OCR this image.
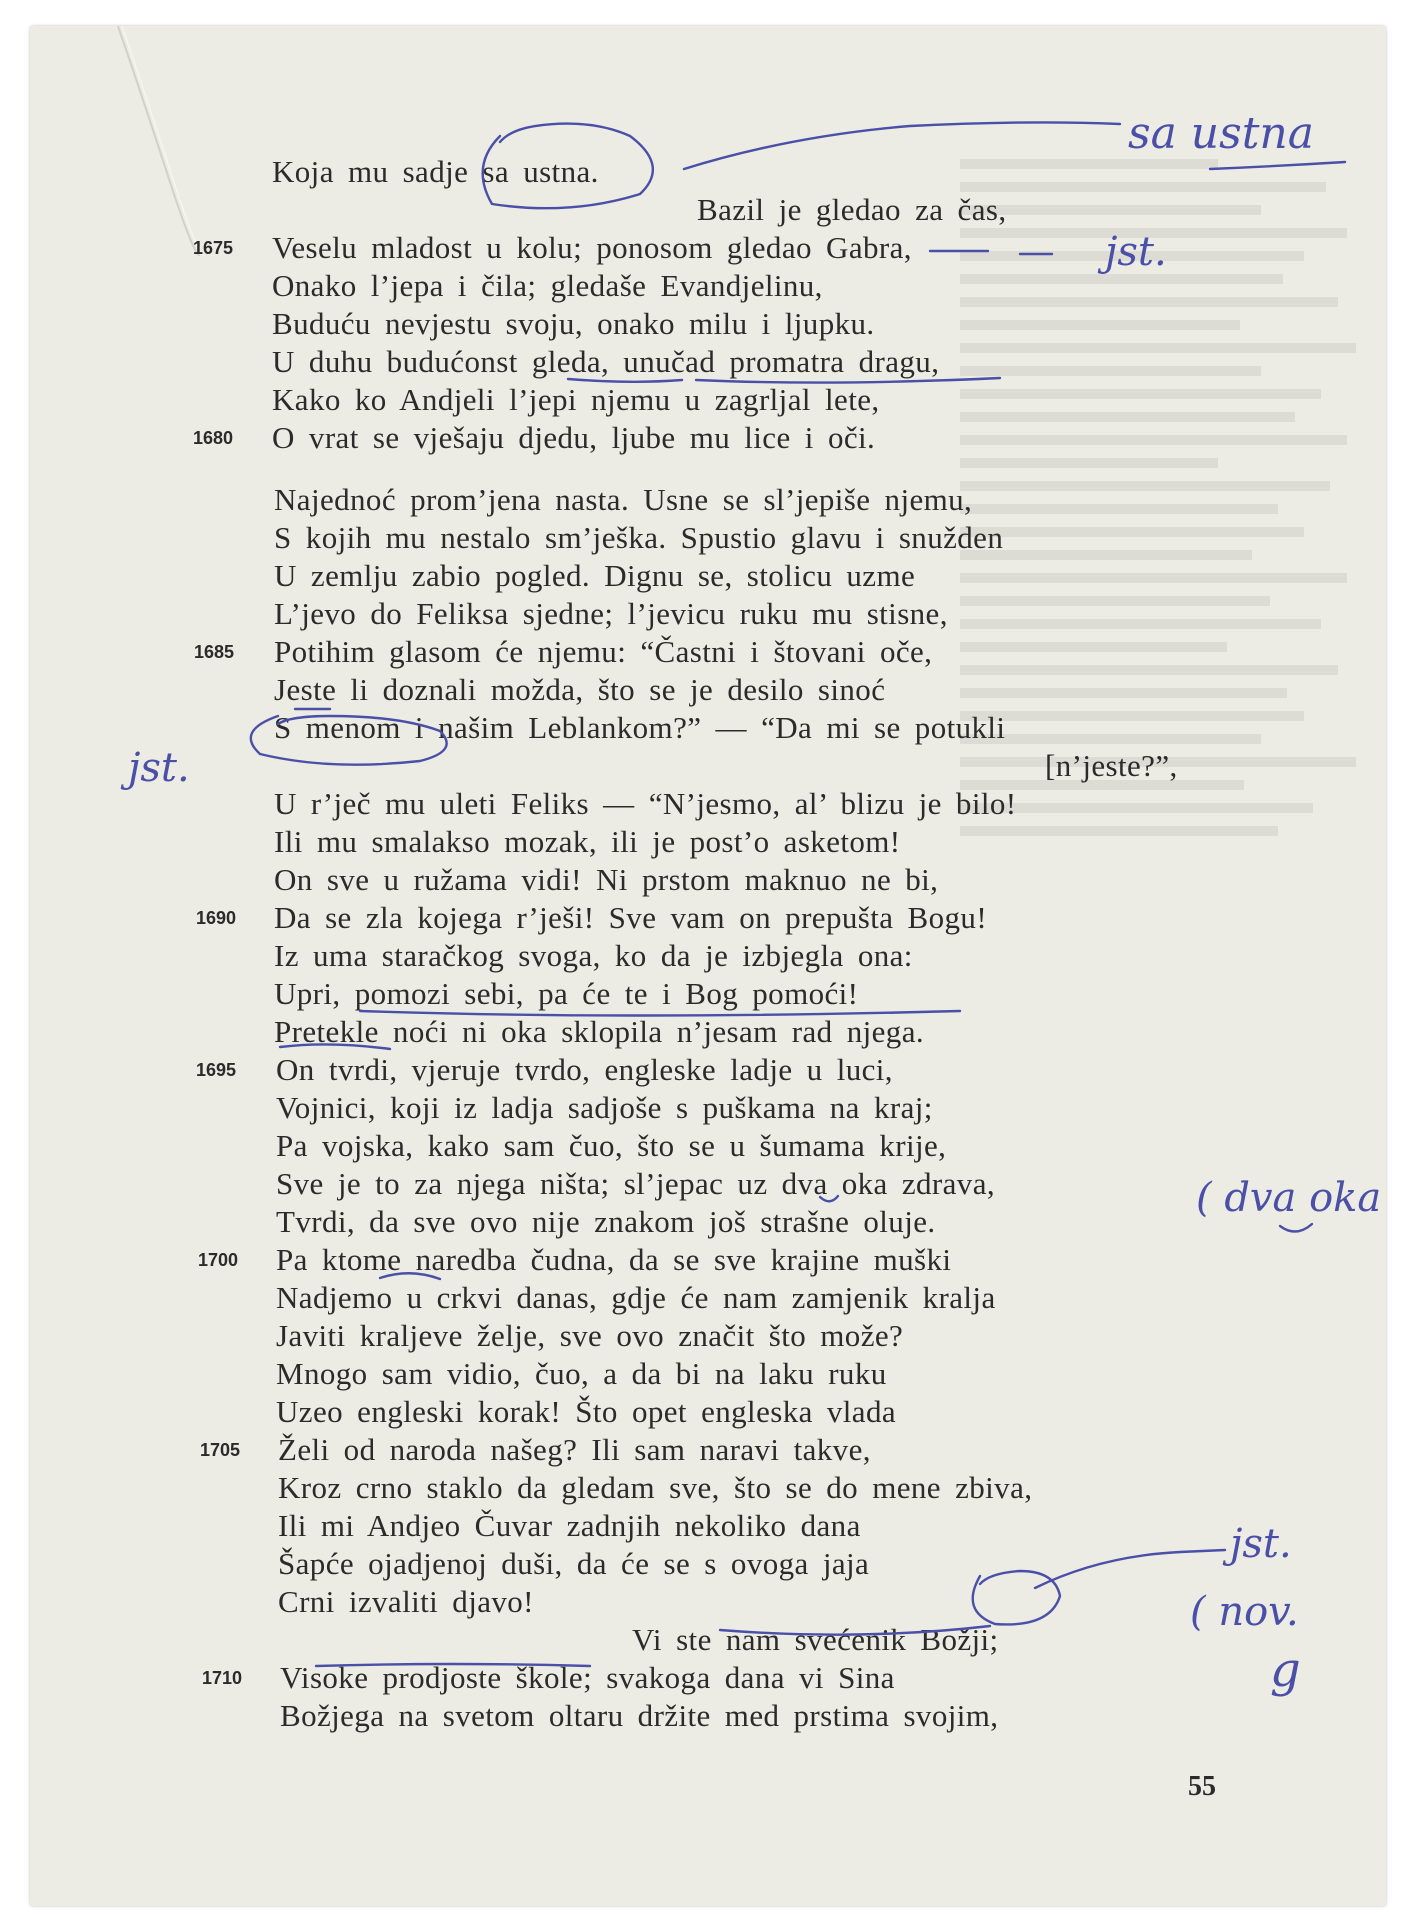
Koja mu sadje sa ustna.
Bazil je gledao za čas,
Veselu mladost u kolu; ponosom gledao Gabra,
Onako l’jepa i čila; gledaše Evandjelinu,
Buduću nevjestu svoju, onako milu i ljupku.
U duhu budućonst gleda, unučad promatra dragu,
Kako ko Andjeli l’jepi njemu u zagrljal lete,
O vrat se vješaju djedu, ljube mu lice i oči.
Najednoć prom’jena nasta. Usne se sl’jepiše njemu,
S kojih mu nestalo sm’ješka. Spustio glavu i snuždеn
U zemlju zabio pogled. Dignu se, stolicu uzme
L’jevo do Feliksa sjedne; l’jevicu ruku mu stisne,
Potihim glasom će njemu: “Častni i štovani oče,
Jeste li doznali možda, što se je desilo sinoć
S menom i našim Leblankom?” — “Da mi se potukli
[n’jeste?”,
U r’ječ mu uleti Feliks — “N’jesmo, al’ blizu je bilo!
Ili mu smalakso mozak, ili je post’o asketom!
On sve u ružama vidi! Ni prstom maknuo ne bi,
Da se zla kojega r’ješi! Sve vam on prepušta Bogu!
Iz uma staračkog svoga, ko da je izbjegla ona:
Upri, pomozi sebi, pa će te i Bog pomoći!
Pretekle noći ni oka sklopila n’jesam rad njega.
On tvrdi, vjeruje tvrdo, engleske ladje u luci,
Vojnici, koji iz ladja sadjoše s puškama na kraj;
Pa vojska, kako sam čuo, što se u šumama krije,
Sve je to za njega ništa; sl’jepac uz dva oka zdrava,
Tvrdi, da sve ovo nije znakom još strašne oluje.
Pa ktome naredba čudna, da se sve krajine muški
Nadjemo u crkvi danas, gdje će nam zamjenik kralja
Javiti kraljeve želje, sve ovo značit što može?
Mnogo sam vidio, čuo, a da bi na laku ruku
Uzeo engleski korak! Što opet engleska vlada
Želi od naroda našeg? Ili sam naravi takve,
Kroz crno staklo da gledam sve, što se do mene zbiva,
Ili mi Andjeo Čuvar zadnjih nekoliko dana
Šapće ojadjenoj duši, da će se s ovoga jaja
Crni izvaliti djavo!
Vi ste nam svećenik Božji;
Visoke prodjoste škole; svakoga dana vi Sina
Božjega na svetom oltaru držite med prstima svojim,
1675
1680
1685
1690
1695
1700
1705
1710
55
sa ustna
jst.
jst.
( dva oka
jst.
( nov.
g
